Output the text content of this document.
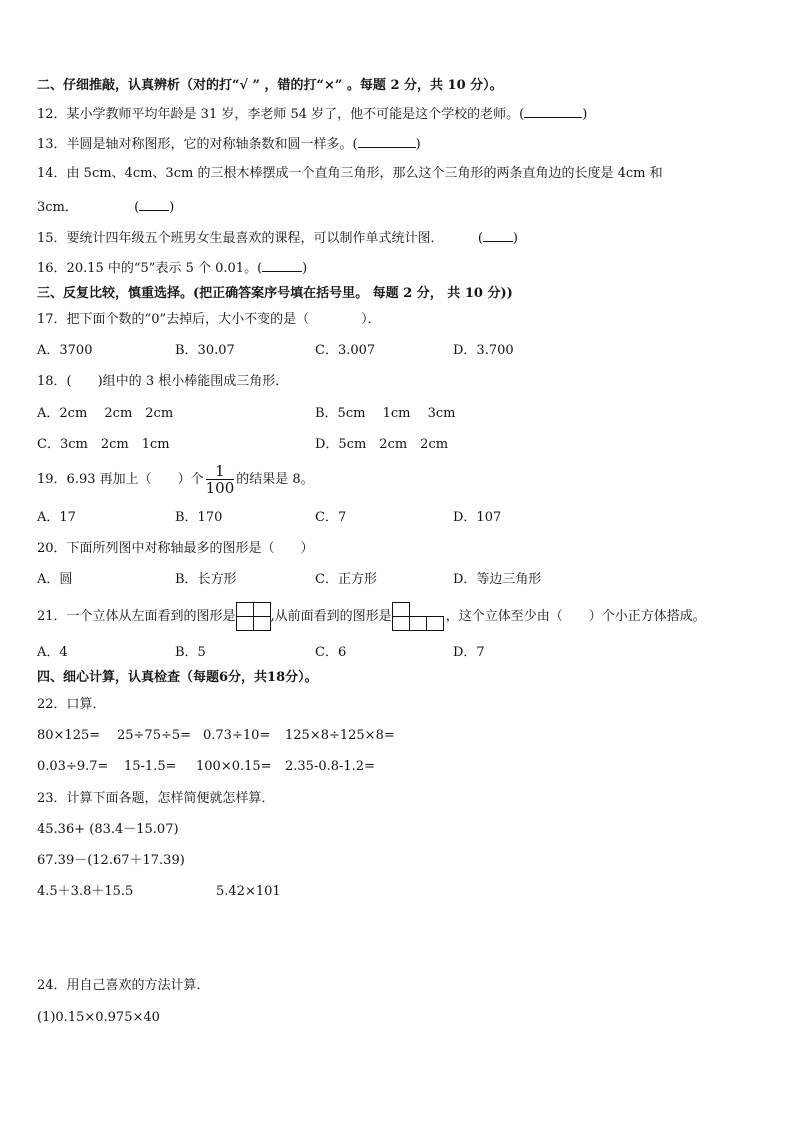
二、仔细推敲，认真辨析（对的打“√ ” ，错的打“×” 。每题 2 分，共 10 分）。
12．某小学教师平均年龄是 31 岁，李老师 54 岁了，他不可能是这个学校的老师。(	)
13．半圆是轴对称图形，它的对称轴条数和圆一样多。(	)
14．由 5cm、4cm、3cm 的三根木棒摆成一个直角三角形，那么这个三角形的两条直角边的长度是 4cm 和
3cm．	( )
15．要统计四年级五个班男女生最喜欢的课程，可以制作单式统计图．	( )
16．20.15 中的“5”表示 5 个 0.01。(	)
三、反复比较，慎重选择。(把正确答案序号填在括号里。 每题 2 分， 共 10 分))
17．把下面个数的“0”去掉后，大小不变的是（　　　　）．
A．3700	B．30.07	C．3.007	D．3.700
18．(　　)组中的 3 根小棒能围成三角形．
A．2cm　 2cm　2cm	B．5cm　 1cm　 3cm
C．3cm　2cm　1cm	D．5cm　2cm　2cm
19．6.93 再加上（　　）个 $\frac{1}{100}$ 的结果是 8。
A．17	B．170	C．7	D．107
20．下面所列图中对称轴最多的图形是（　　）
A．圆	B．长方形	C．正方形	D．等边三角形
21．一个立体从左面看到的图形是	,从前面看到的图形是	，这个立体至少由（　　）个小正方体搭成。
A．4	B．5	C．6	D．7
四、细心计算，认真检查（每题6分，共18分）。
22．口算．
80×125= 25÷75÷5= 0.73÷10= 125×8÷125×8=
0.03÷9.7= 15-1.5= 100×0.15= 2.35-0.8-1.2=
23．计算下面各题，怎样简便就怎样算．
45.36+ (83.4－15.07)
67.39－(12.67＋17.39)
4.5＋3.8＋15.5	5.42×101
24．用自己喜欢的方法计算．
(1)0.15×0.975×40
